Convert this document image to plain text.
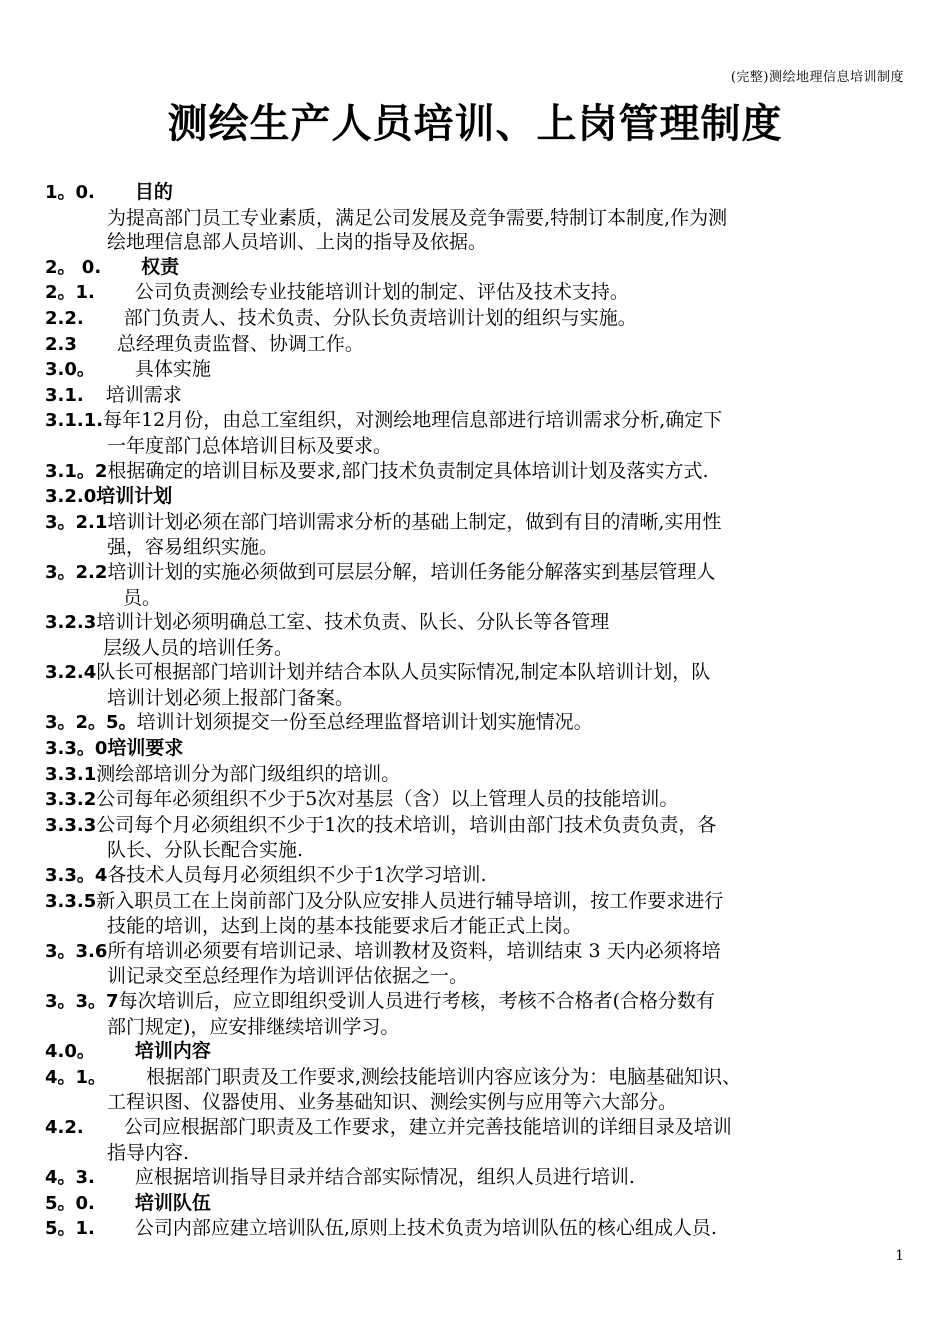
(完整)测绘地理信息培训制度
测绘生产人员培训、上岗管理制度
1。0. 目的
为提高部门员工专业素质，满足公司发展及竞争需要,特制订本制度,作为测
绘地理信息部人员培训、上岗的指导及依据。
2。 0. 权责
2。1. 公司负责测绘专业技能培训计划的制定、评估及技术支持。
2.2. 部门负责人、技术负责、分队长负责培训计划的组织与实施。
2.3 总经理负责监督、协调工作。
3.0。 具体实施
3.1. 培训需求
3.1.1.每年12月份，由总工室组织，对测绘地理信息部进行培训需求分析,确定下
一年度部门总体培训目标及要求。
3.1。2根据确定的培训目标及要求,部门技术负责制定具体培训计划及落实方式.
3.2.0培训计划
3。2.1培训计划必须在部门培训需求分析的基础上制定，做到有目的清晰,实用性
强，容易组织实施。
3。2.2培训计划的实施必须做到可层层分解，培训任务能分解落实到基层管理人
员。
3.2.3培训计划必须明确总工室、技术负责、队长、分队长等各管理
层级人员的培训任务。
3.2.4队长可根据部门培训计划并结合本队人员实际情况,制定本队培训计划，队
培训计划必须上报部门备案。
3。2。5。培训计划须提交一份至总经理监督培训计划实施情况。
3.3。0培训要求
3.3.1测绘部培训分为部门级组织的培训。
3.3.2公司每年必须组织不少于5次对基层（含）以上管理人员的技能培训。
3.3.3公司每个月必须组织不少于1次的技术培训，培训由部门技术负责负责，各
队长、分队长配合实施.
3.3。4各技术人员每月必须组织不少于1次学习培训.
3.3.5新入职员工在上岗前部门及分队应安排人员进行辅导培训，按工作要求进行
技能的培训，达到上岗的基本技能要求后才能正式上岗。
3。3.6所有培训必须要有培训记录、培训教材及资料，培训结束 3 天内必须将培
训记录交至总经理作为培训评估依据之一。
3。3。7每次培训后，应立即组织受训人员进行考核，考核不合格者(合格分数有
部门规定)，应安排继续培训学习。
4.0。 培训内容
4。1。 根据部门职责及工作要求,测绘技能培训内容应该分为：电脑基础知识、
工程识图、仪器使用、业务基础知识、测绘实例与应用等六大部分。
4.2. 公司应根据部门职责及工作要求，建立并完善技能培训的详细目录及培训
指导内容.
4。3. 应根据培训指导目录并结合部实际情况，组织人员进行培训.
5。0. 培训队伍
5。1. 公司内部应建立培训队伍,原则上技术负责为培训队伍的核心组成人员.
1
